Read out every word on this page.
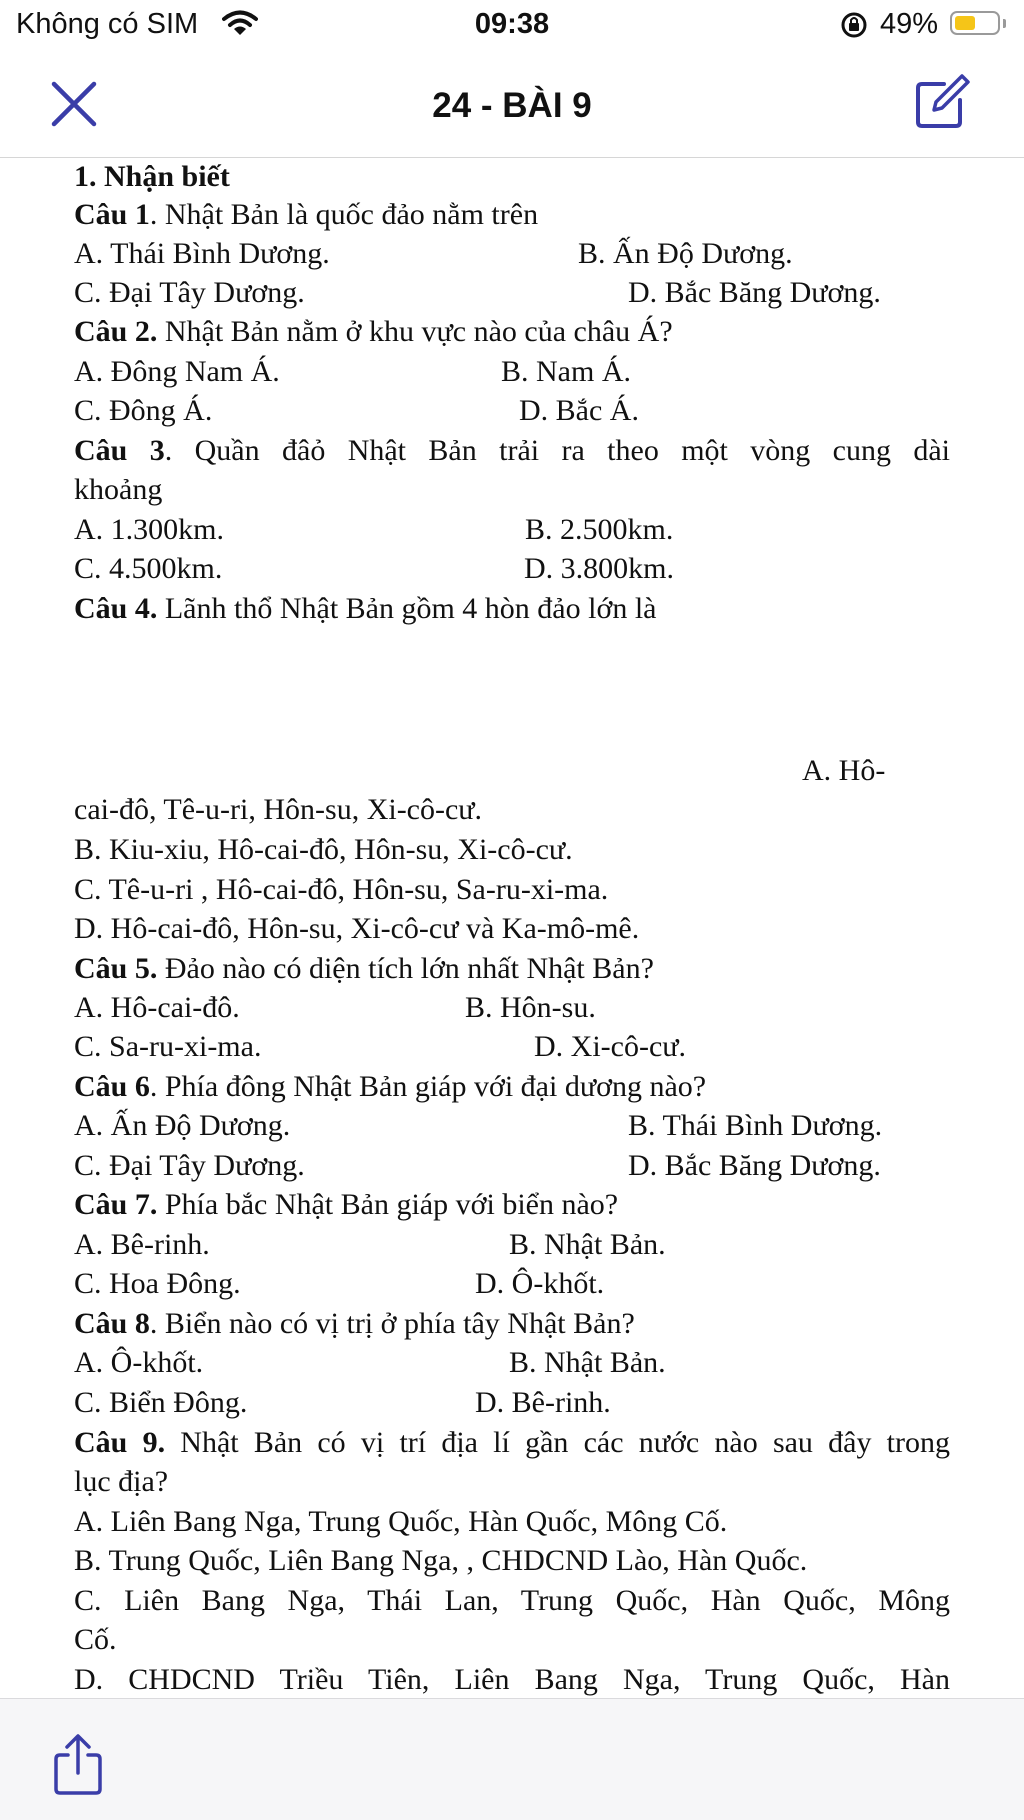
Không có SIM	09:38	49%
24 - BÀI 9
1. Nhận biết
Câu 1. Nhật Bản là quốc đảo nằm trên
A. Thái Bình Dương.	B. Ấn Độ Dương.
C. Đại Tây Dương.	D. Bắc Băng Dương.
Câu 2. Nhật Bản nằm ở khu vực nào của châu Á?
A. Đông Nam Á.	B. Nam Á.
C. Đông Á.	D. Bắc Á.
Câu 3. Quần đâỏ Nhật Bản trải ra theo một vòng cung dài
khoảng
A. 1.300km.	B. 2.500km.
C. 4.500km.	D. 3.800km.
Câu 4. Lãnh thổ Nhật Bản gồm 4 hòn đảo lớn là
A. Hô-
cai-đô, Tê-u-ri, Hôn-su, Xi-cô-cư.
B. Kiu-xiu, Hô-cai-đô, Hôn-su, Xi-cô-cư.
C. Tê-u-ri , Hô-cai-đô, Hôn-su, Sa-ru-xi-ma.
D. Hô-cai-đô, Hôn-su, Xi-cô-cư và Ka-mô-mê.
Câu 5. Đảo nào có diện tích lớn nhất Nhật Bản?
A. Hô-cai-đô.	B. Hôn-su.
C. Sa-ru-xi-ma.	D. Xi-cô-cư.
Câu 6. Phía đông Nhật Bản giáp với đại dương nào?
A. Ấn Độ Dương.	B. Thái Bình Dương.
C. Đại Tây Dương.	D. Bắc Băng Dương.
Câu 7. Phía bắc Nhật Bản giáp với biển nào?
A. Bê-rinh.	B. Nhật Bản.
C. Hoa Đông.	D. Ô-khốt.
Câu 8. Biển nào có vị trị ở phía tây Nhật Bản?
A. Ô-khốt.	B. Nhật Bản.
C. Biển Đông.	D. Bê-rinh.
Câu 9. Nhật Bản có vị trí địa lí gần các nước nào sau đây trong
lục địa?
A. Liên Bang Nga, Trung Quốc, Hàn Quốc, Mông Cố.
B. Trung Quốc, Liên Bang Nga, , CHDCND Lào, Hàn Quốc.
C. Liên Bang Nga, Thái Lan, Trung Quốc, Hàn Quốc, Mông
Cố.
D. CHDCND Triều Tiên, Liên Bang Nga, Trung Quốc, Hàn
